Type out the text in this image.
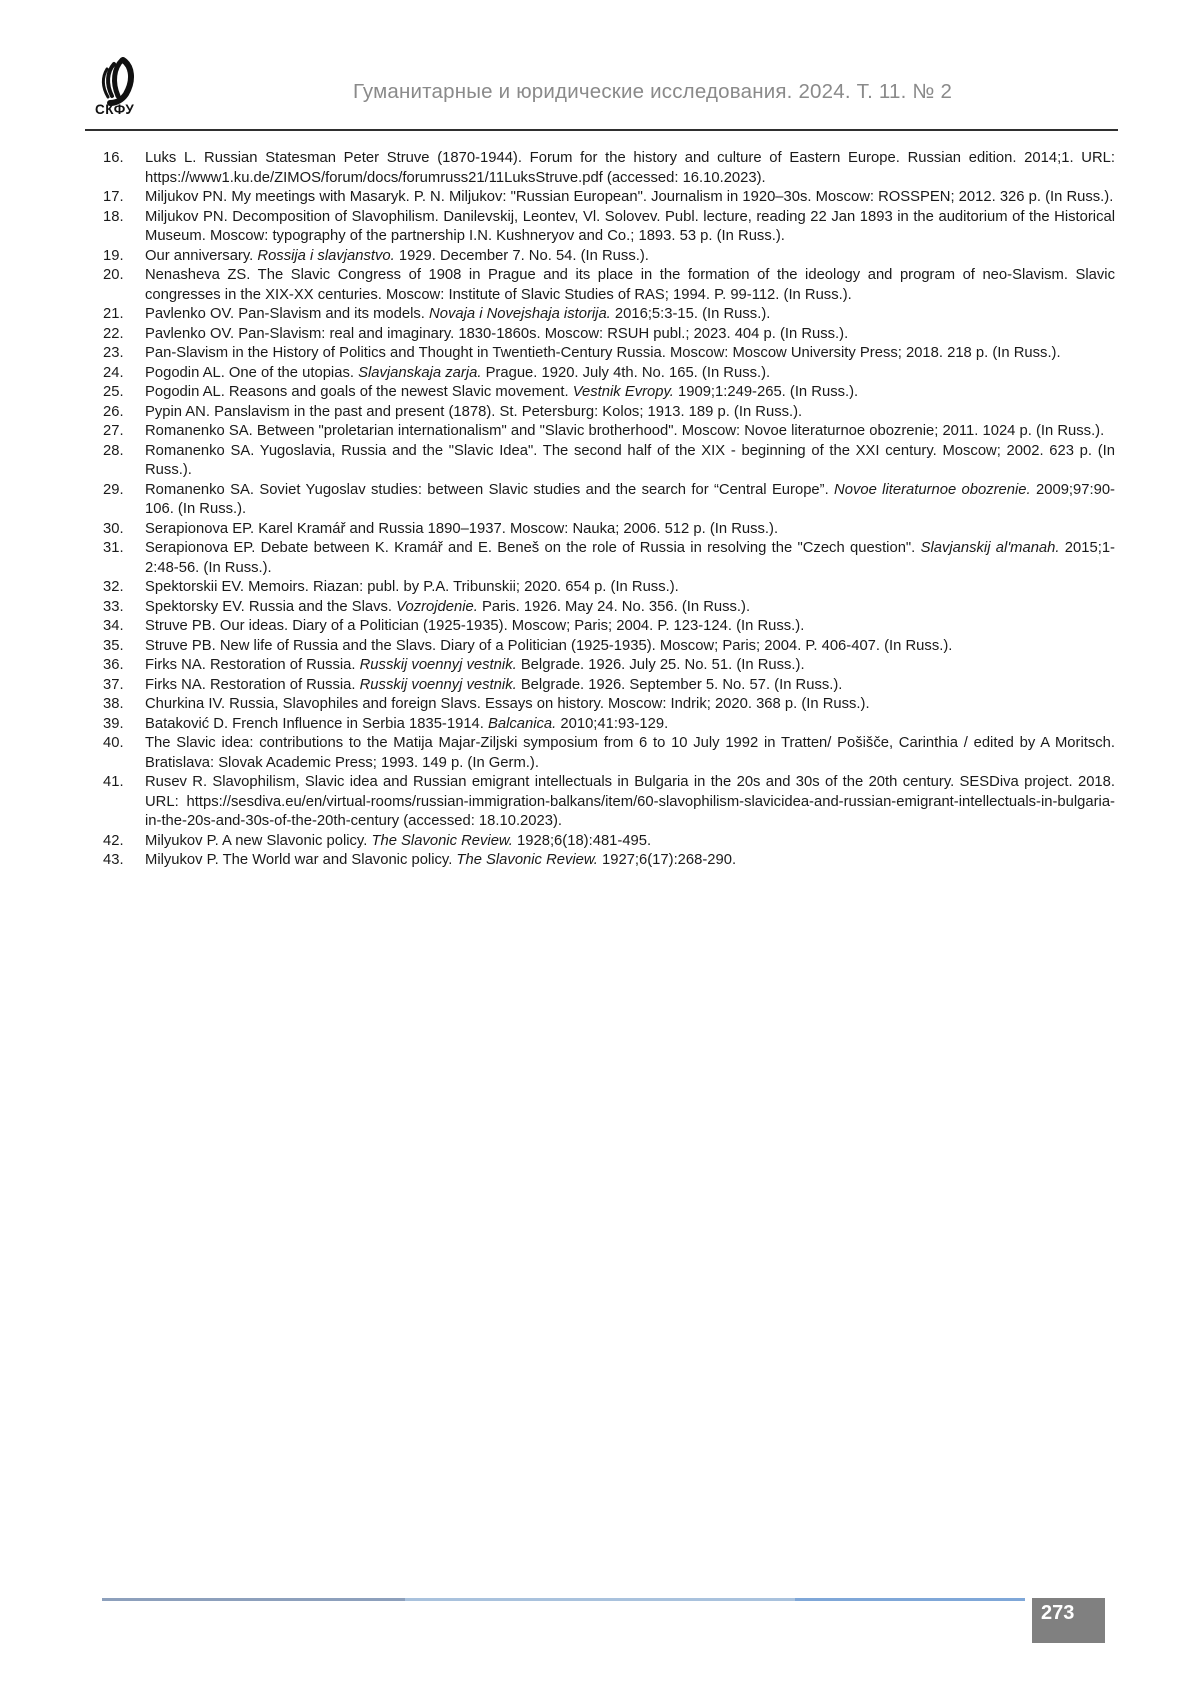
СКФУ
Гуманитарные и юридические исследования. 2024. Т. 11. № 2
16.	Luks L. Russian Statesman Peter Struve (1870-1944). Forum for the history and culture of Eastern Europe. Russian edition. 2014;1. URL: https://www1.ku.de/ZIMOS/forum/docs/forumruss21/11LuksStruve.pdf (accessed: 16.10.2023).
17.	Miljukov PN. My meetings with Masaryk. P. N. Miljukov: "Russian European". Journalism in 1920–30s. Moscow: ROSSPEN; 2012. 326 p. (In Russ.).
18.	Miljukov PN. Decomposition of Slavophilism. Danilevskij, Leontev, Vl. Solovev. Publ. lecture, reading 22 Jan 1893 in the auditorium of the Historical Museum. Moscow: typography of the partnership I.N. Kushneryov and Co.; 1893. 53 p. (In Russ.).
19.	Our anniversary. Rossija i slavjanstvo. 1929. December 7. No. 54. (In Russ.).
20.	Nenasheva ZS. The Slavic Congress of 1908 in Prague and its place in the formation of the ideology and program of neo-Slavism. Slavic congresses in the XIX-XX centuries. Moscow: Institute of Slavic Studies of RAS; 1994. P. 99-112. (In Russ.).
21.	Pavlenko OV. Pan-Slavism and its models. Novaja i Novejshaja istorija. 2016;5:3-15. (In Russ.).
22.	Pavlenko OV. Pan-Slavism: real and imaginary. 1830-1860s. Moscow: RSUH publ.; 2023. 404 p. (In Russ.).
23.	Pan-Slavism in the History of Politics and Thought in Twentieth-Century Russia. Moscow: Moscow University Press; 2018. 218 p. (In Russ.).
24.	Pogodin AL. One of the utopias. Slavjanskaja zarja. Prague. 1920. July 4th. No. 165. (In Russ.).
25.	Pogodin AL. Reasons and goals of the newest Slavic movement. Vestnik Evropy. 1909;1:249-265. (In Russ.).
26.	Pypin AN. Panslavism in the past and present (1878). St. Petersburg: Kolos; 1913. 189 p. (In Russ.).
27.	Romanenko SA. Between "proletarian internationalism" and "Slavic brotherhood". Moscow: Novoe literaturnoe obozrenie; 2011. 1024 p. (In Russ.).
28.	Romanenko SA. Yugoslavia, Russia and the "Slavic Idea". The second half of the XIX - beginning of the XXI century. Moscow; 2002. 623 p. (In Russ.).
29.	Romanenko SA. Soviet Yugoslav studies: between Slavic studies and the search for “Central Europe”. Novoe literaturnoe obozrenie. 2009;97:90-106. (In Russ.).
30.	Serapionova EP. Karel Kramář and Russia 1890–1937. Moscow: Nauka; 2006. 512 p. (In Russ.).
31.	Serapionova EP. Debate between K. Kramář and E. Beneš on the role of Russia in resolving the "Czech question". Slavjanskij al'manah. 2015;1-2:48-56. (In Russ.).
32.	Spektorskii EV. Memoirs. Riazan: publ. by P.A. Tribunskii; 2020. 654 p. (In Russ.).
33.	Spektorsky EV. Russia and the Slavs. Vozrojdenie. Paris. 1926. May 24. No. 356. (In Russ.).
34.	Struve PB. Our ideas. Diary of a Politician (1925-1935). Moscow; Paris; 2004. P. 123-124. (In Russ.).
35.	Struve PB. New life of Russia and the Slavs. Diary of a Politician (1925-1935). Moscow; Paris; 2004. P. 406-407. (In Russ.).
36.	Firks NA. Restoration of Russia. Russkij voennyj vestnik. Belgrade. 1926. July 25. No. 51. (In Russ.).
37.	Firks NA. Restoration of Russia. Russkij voennyj vestnik. Belgrade. 1926. September 5. No. 57. (In Russ.).
38.	Churkina IV. Russia, Slavophiles and foreign Slavs. Essays on history. Moscow: Indrik; 2020. 368 p. (In Russ.).
39.	Bataković D. French Influence in Serbia 1835-1914. Balcanica. 2010;41:93-129.
40.	The Slavic idea: contributions to the Matija Majar-Ziljski symposium from 6 to 10 July 1992 in Tratten/ Pošišče, Carinthia / edited by A Moritsch. Bratislava: Slovak Academic Press; 1993. 149 p. (In Germ.).
41.	Rusev R. Slavophilism, Slavic idea and Russian emigrant intellectuals in Bulgaria in the 20s and 30s of the 20th century. SESDiva project. 2018. URL: https://sesdiva.eu/en/virtual-rooms/russian-immigration-balkans/item/60-slavophilism-slavicidea-and-russian-emigrant-intellectuals-in-bulgaria-in-the-20s-and-30s-of-the-20th-century (accessed: 18.10.2023).
42.	Milyukov P. A new Slavonic policy. The Slavonic Review. 1928;6(18):481-495.
43.	Milyukov P. The World war and Slavonic policy. The Slavonic Review. 1927;6(17):268-290.
273
